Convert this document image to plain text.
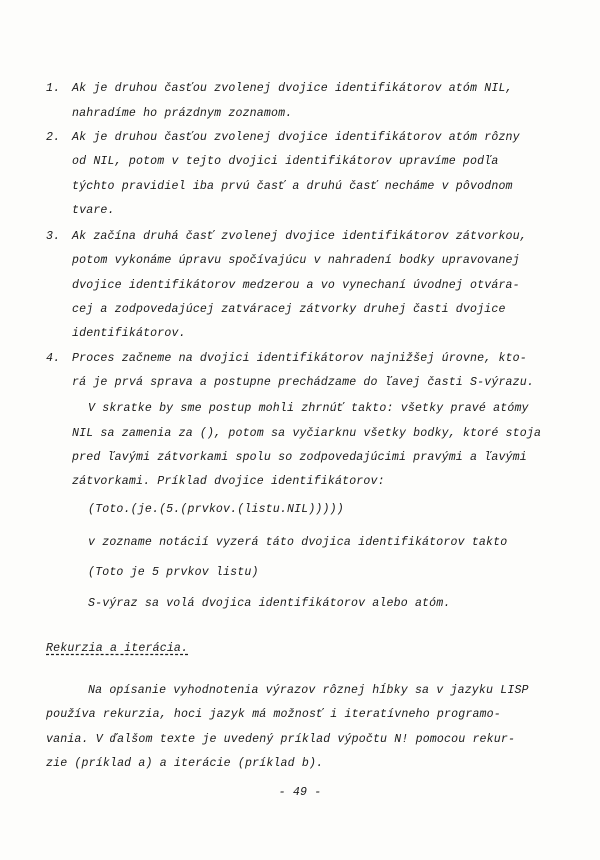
1. Ak je druhou časťou zvolenej dvojice identifikátorov atóm NIL,
nahradíme ho prázdnym zoznamom.
2. Ak je druhou časťou zvolenej dvojice identifikátorov atóm rôzny
od NIL, potom v tejto dvojici identifikátorov upravíme podľa
týchto pravidiel iba prvú časť a druhú časť necháme v pôvodnom
tvare.
3. Ak začína druhá časť zvolenej dvojice identifikátorov zátvorkou,
potom vykonáme úpravu spočívajúcu v nahradení bodky upravovanej
dvojice identifikátorov medzerou a vo vynechaní úvodnej otvára-
cej a zodpovedajúcej zatváracej zátvorky druhej časti dvojice
identifikátorov.
4. Proces začneme na dvojici identifikátorov najnižšej úrovne, kto-
rá je prvá sprava a postupne prechádzame do ľavej časti S-výrazu.
V skratke by sme postup mohli zhrnúť takto: všetky pravé atómy
NIL sa zamenia za (), potom sa vyčiarknu všetky bodky, ktoré stoja
pred ľavými zátvorkami spolu so zodpovedajúcimi pravými a ľavými
zátvorkami. Príklad dvojice identifikátorov:
(Toto.(je.(5.(prvkov.(listu.NIL)))))
v zozname notácií vyzerá táto dvojica identifikátorov takto
(Toto je 5 prvkov listu)
S-výraz sa volá dvojica identifikátorov alebo atóm.
Rekurzia a iterácia.
Na opísanie vyhodnotenia výrazov rôznej hĺbky sa v jazyku LISP
používa rekurzia, hoci jazyk má možnosť i iteratívneho programo-
vania. V ďalšom texte je uvedený príklad výpočtu N! pomocou rekur-
zie (príklad a) a iterácie (príklad b).
- 49 -
